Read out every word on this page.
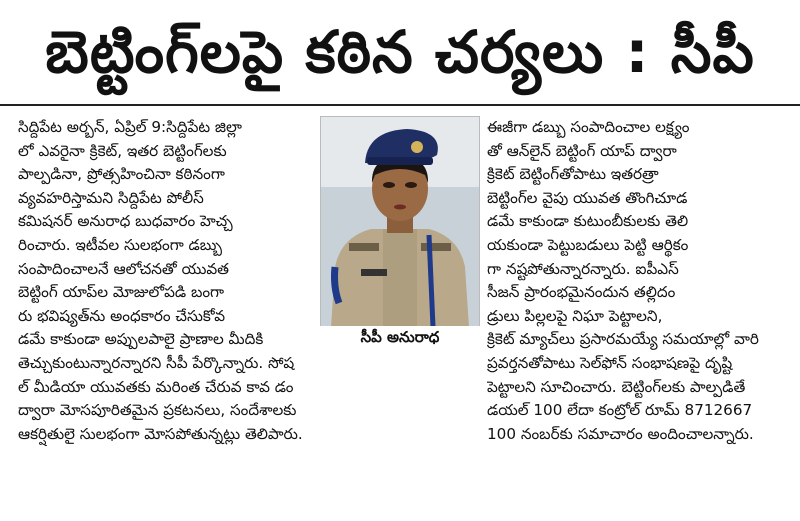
బెట్టింగ్‌లపై కఠిన చర్యలు : సీపీ
సిద్దిపేట అర్బన్, ఏప్రిల్ 9:సిద్దిపేట జిల్లా
లో ఎవరైనా క్రికెట్, ఇతర బెట్టింగ్‌లకు
పాల్పడినా, ప్రోత్సహించినా కఠినంగా
వ్యవహరిస్తామని సిద్దిపేట పోలీస్
కమిషనర్ అనురాధ బుధవారం హెచ్చ
రించారు. ఇటీవల సులభంగా డబ్బు
సంపాదించాలనే ఆలోచనతో యువత
బెట్టింగ్ యాప్‌ల మోజులోపడి బంగా
రు భవిష్యత్‌ను అంధకారం చేసుకోవ
డమే కాకుండా అప్పులపాలై ప్రాణాల మీదికి
తెచ్చుకుంటున్నారన్నారని సీపీ పేర్కొన్నారు. సోష
ల్ మీడియా యువతకు మరింత చేరువ కావ డం
ద్వారా మోసపూరితమైన ప్రకటనలు, సందేశాలకు
ఆకర్షితులై సులభంగా మోసపోతున్నట్లు తెలిపారు.
సీపీ అనురాధ
ఈజీగా డబ్బు సంపాదించాల లక్ష్యం
తో ఆన్‌లైన్ బెట్టింగ్ యాప్ ద్వారా
క్రికెట్ బెట్టింగ్‌తోపాటు ఇతరత్రా
బెట్టింగ్‌ల వైపు యువత తొంగిచూడ
డమే కాకుండా కుటుంబీకులకు తెలి
యకుండా పెట్టుబడులు పెట్టి ఆర్థికం
గా నష్టపోతున్నారన్నారు. ఐపీఎస్
సీజన్ ప్రారంభమైనందున తల్లిదం
డ్రులు పిల్లలపై నిఘా పెట్టాలని,
క్రికెట్ మ్యాచ్‌లు ప్రసారమయ్యే సమయాల్లో వారి
ప్రవర్తనతోపాటు సెల్‌ఫోన్ సంభాషణపై దృష్టి
పెట్టాలని సూచించారు. బెట్టింగ్‌లకు పాల్పడితే
డయల్ 100 లేదా కంట్రోల్ రూమ్ 8712667
100 నంబర్‌కు సమాచారం అందించాలన్నారు.
